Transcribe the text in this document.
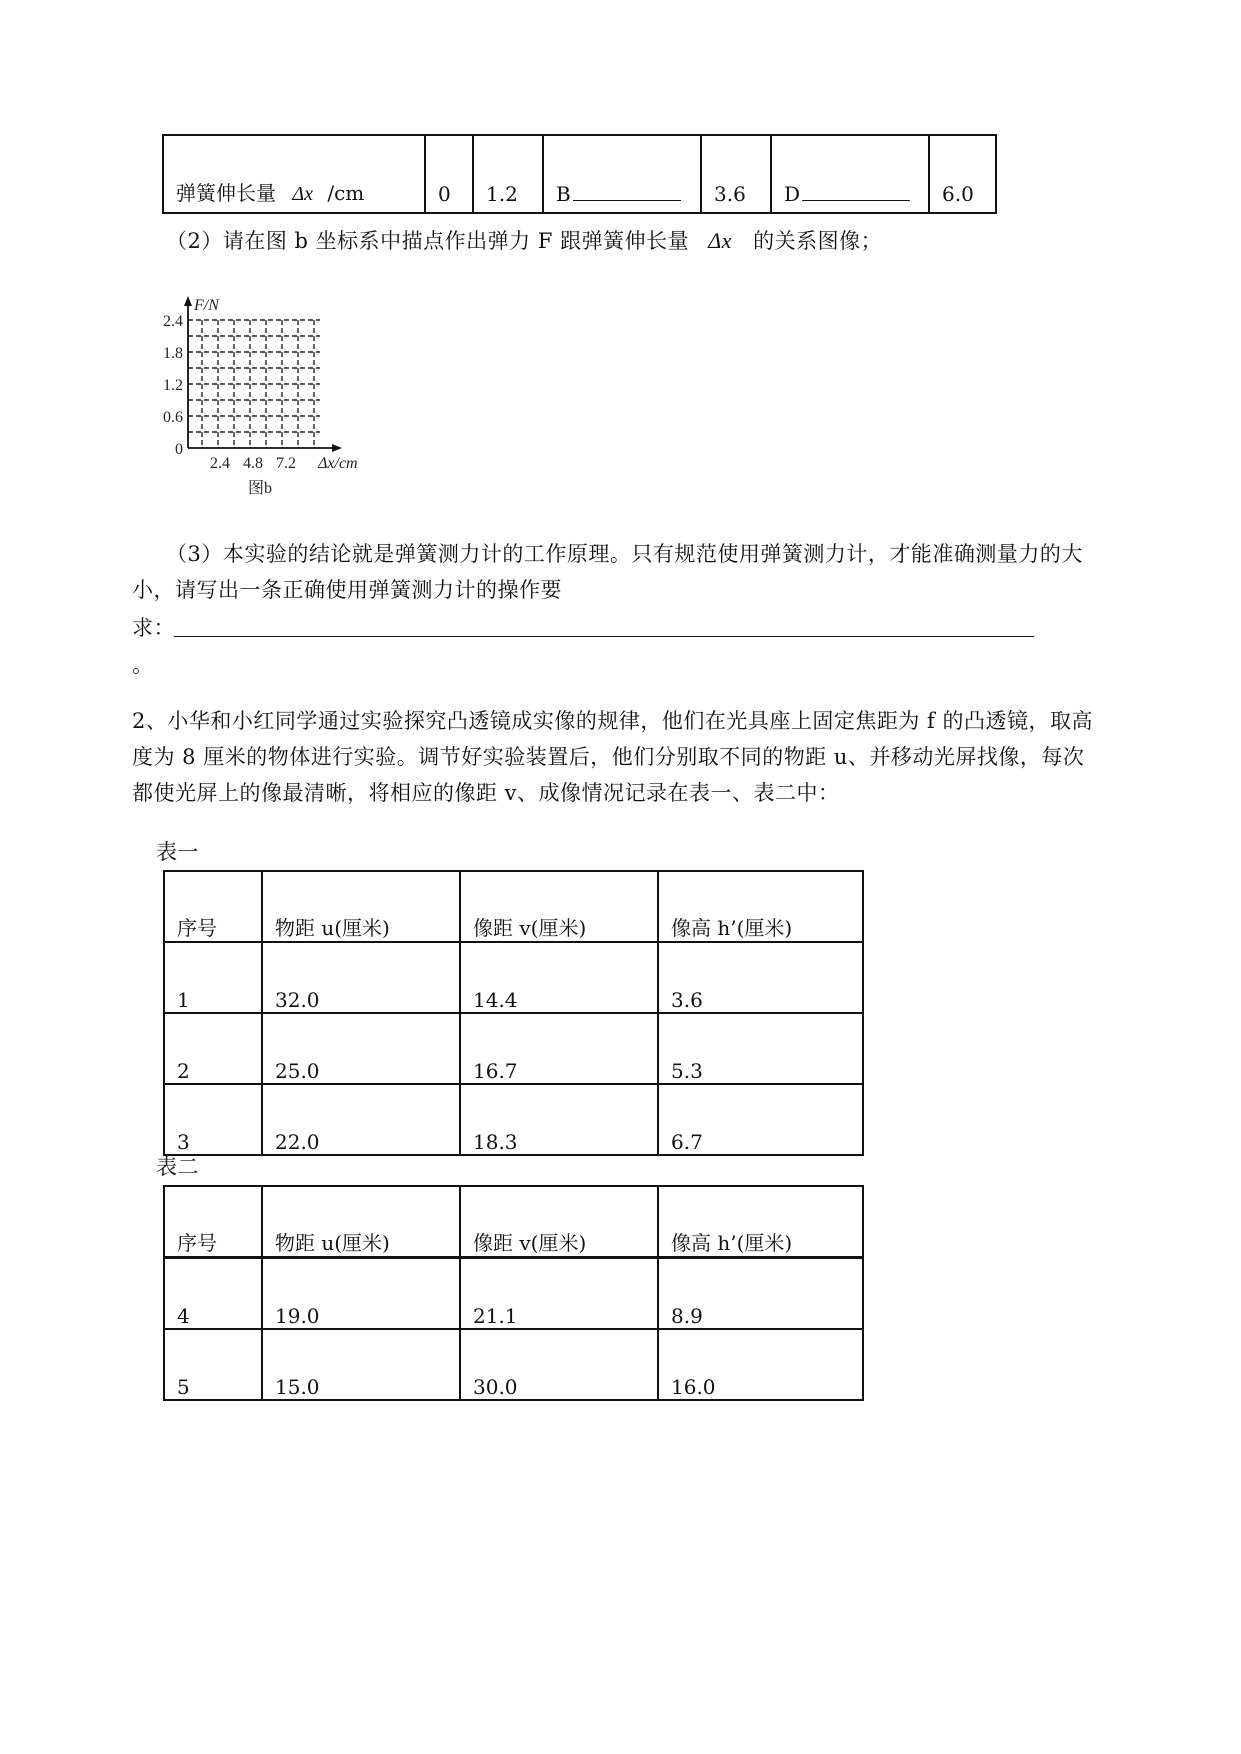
弹簧伸长量 Δx /cm	0	1.2	B	3.6	D	6.0
（2）请在图 b 坐标系中描点作出弹力 F 跟弹簧伸长量 Δx 的关系图像；
F/N
2.4
1.8
1.2
0.6
0
2.4 4.8 7.2 Δx/cm
图b
（3）本实验的结论就是弹簧测力计的工作原理。只有规范使用弹簧测力计，才能准确测量力的大
小，请写出一条正确使用弹簧测力计的操作要
求：
。
2、小华和小红同学通过实验探究凸透镜成实像的规律，他们在光具座上固定焦距为 f 的凸透镜，取高
度为 8 厘米的物体进行实验。调节好实验装置后，他们分别取不同的物距 u、并移动光屏找像，每次
都使光屏上的像最清晰，将相应的像距 v、成像情况记录在表一、表二中：
表一
序号	物距 u(厘米)	像距 v(厘米)	像高 h’(厘米)
1	32.0	14.4	3.6
2	25.0	16.7	5.3
3	22.0	18.3	6.7
表二
序号	物距 u(厘米)	像距 v(厘米)	像高 h’(厘米)
4	19.0	21.1	8.9
5	15.0	30.0	16.0
